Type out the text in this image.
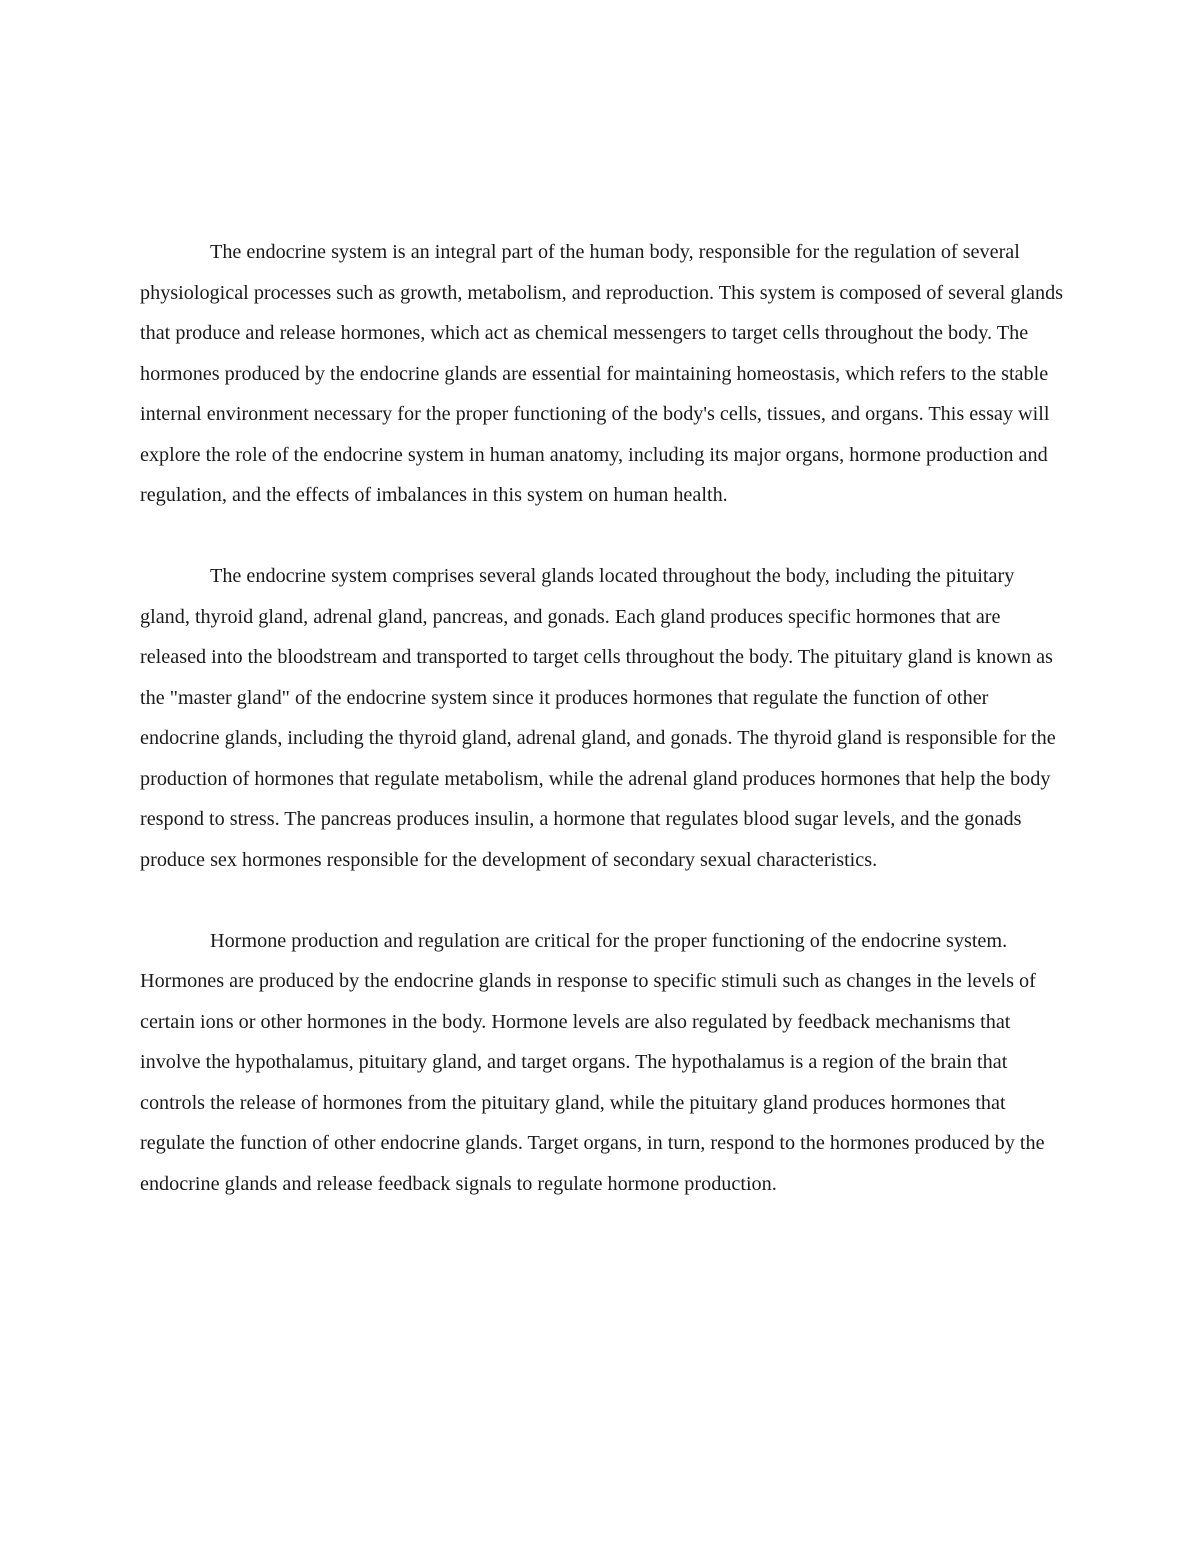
The endocrine system is an integral part of the human body, responsible for the regulation of several physiological processes such as growth, metabolism, and reproduction. This system is composed of several glands that produce and release hormones, which act as chemical messengers to target cells throughout the body. The hormones produced by the endocrine glands are essential for maintaining homeostasis, which refers to the stable internal environment necessary for the proper functioning of the body's cells, tissues, and organs. This essay will explore the role of the endocrine system in human anatomy, including its major organs, hormone production and regulation, and the effects of imbalances in this system on human health.

The endocrine system comprises several glands located throughout the body, including the pituitary gland, thyroid gland, adrenal gland, pancreas, and gonads. Each gland produces specific hormones that are released into the bloodstream and transported to target cells throughout the body. The pituitary gland is known as the "master gland" of the endocrine system since it produces hormones that regulate the function of other endocrine glands, including the thyroid gland, adrenal gland, and gonads. The thyroid gland is responsible for the production of hormones that regulate metabolism, while the adrenal gland produces hormones that help the body respond to stress. The pancreas produces insulin, a hormone that regulates blood sugar levels, and the gonads produce sex hormones responsible for the development of secondary sexual characteristics.

Hormone production and regulation are critical for the proper functioning of the endocrine system. Hormones are produced by the endocrine glands in response to specific stimuli such as changes in the levels of certain ions or other hormones in the body. Hormone levels are also regulated by feedback mechanisms that involve the hypothalamus, pituitary gland, and target organs. The hypothalamus is a region of the brain that controls the release of hormones from the pituitary gland, while the pituitary gland produces hormones that regulate the function of other endocrine glands. Target organs, in turn, respond to the hormones produced by the endocrine glands and release feedback signals to regulate hormone production.
